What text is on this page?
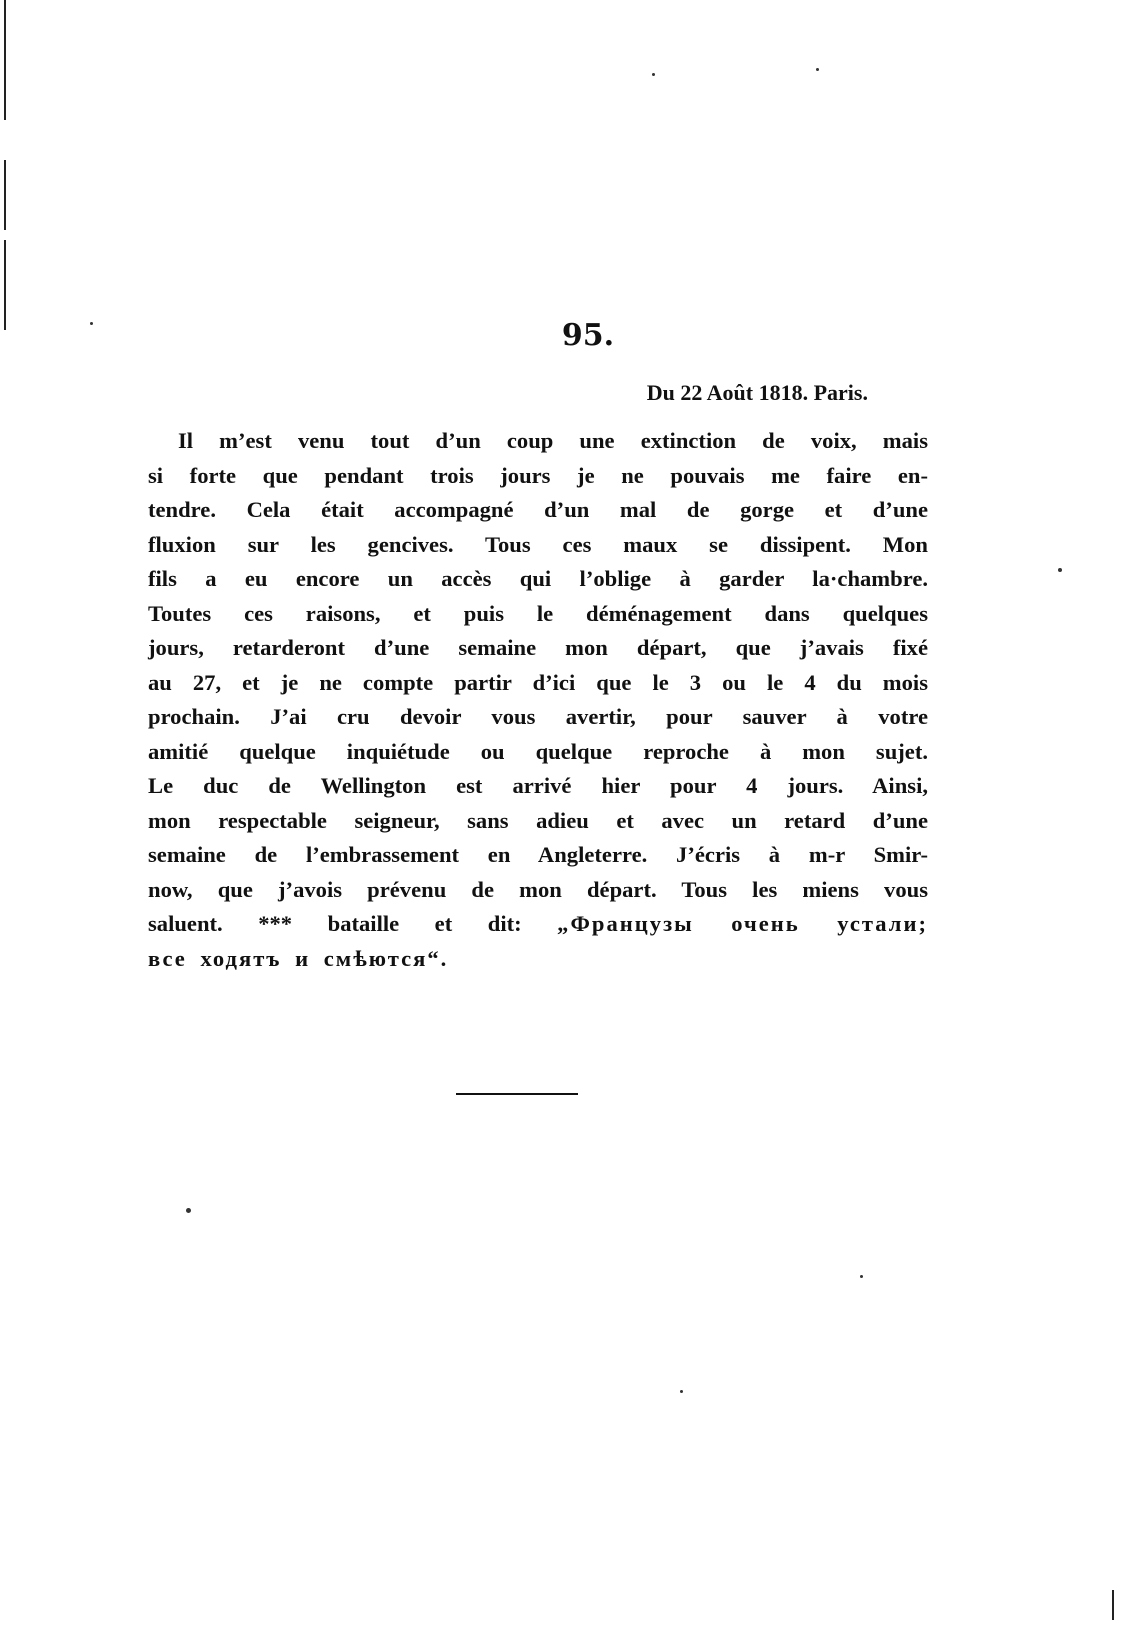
95.
Du 22 Août 1818. Paris.
Il m’est venu tout d’un coup une extinction de voix, mais
si forte que pendant trois jours je ne pouvais me faire en-
tendre. Cela était accompagné d’un mal de gorge et d’une
fluxion sur les gencives. Tous ces maux se dissipent. Mon
fils a eu encore un accès qui l’oblige à garder la·chambre.
Toutes ces raisons, et puis le déménagement dans quelques
jours, retarderont d’une semaine mon départ, que j’avais fixé
au 27, et je ne compte partir d’ici que le 3 ou le 4 du mois
prochain. J’ai cru devoir vous avertir, pour sauver à votre
amitié quelque inquiétude ou quelque reproche à mon sujet.
Le duc de Wellington est arrivé hier pour 4 jours. Ainsi,
mon respectable seigneur, sans adieu et avec un retard d’une
semaine de l’embrassement en Angleterre. J’écris à m-r Smir-
now, que j’avois prévenu de mon départ. Tous les miens vous
saluent. *** bataille et dit: „Французы очень устали;
все ходятъ и смѣются“.
